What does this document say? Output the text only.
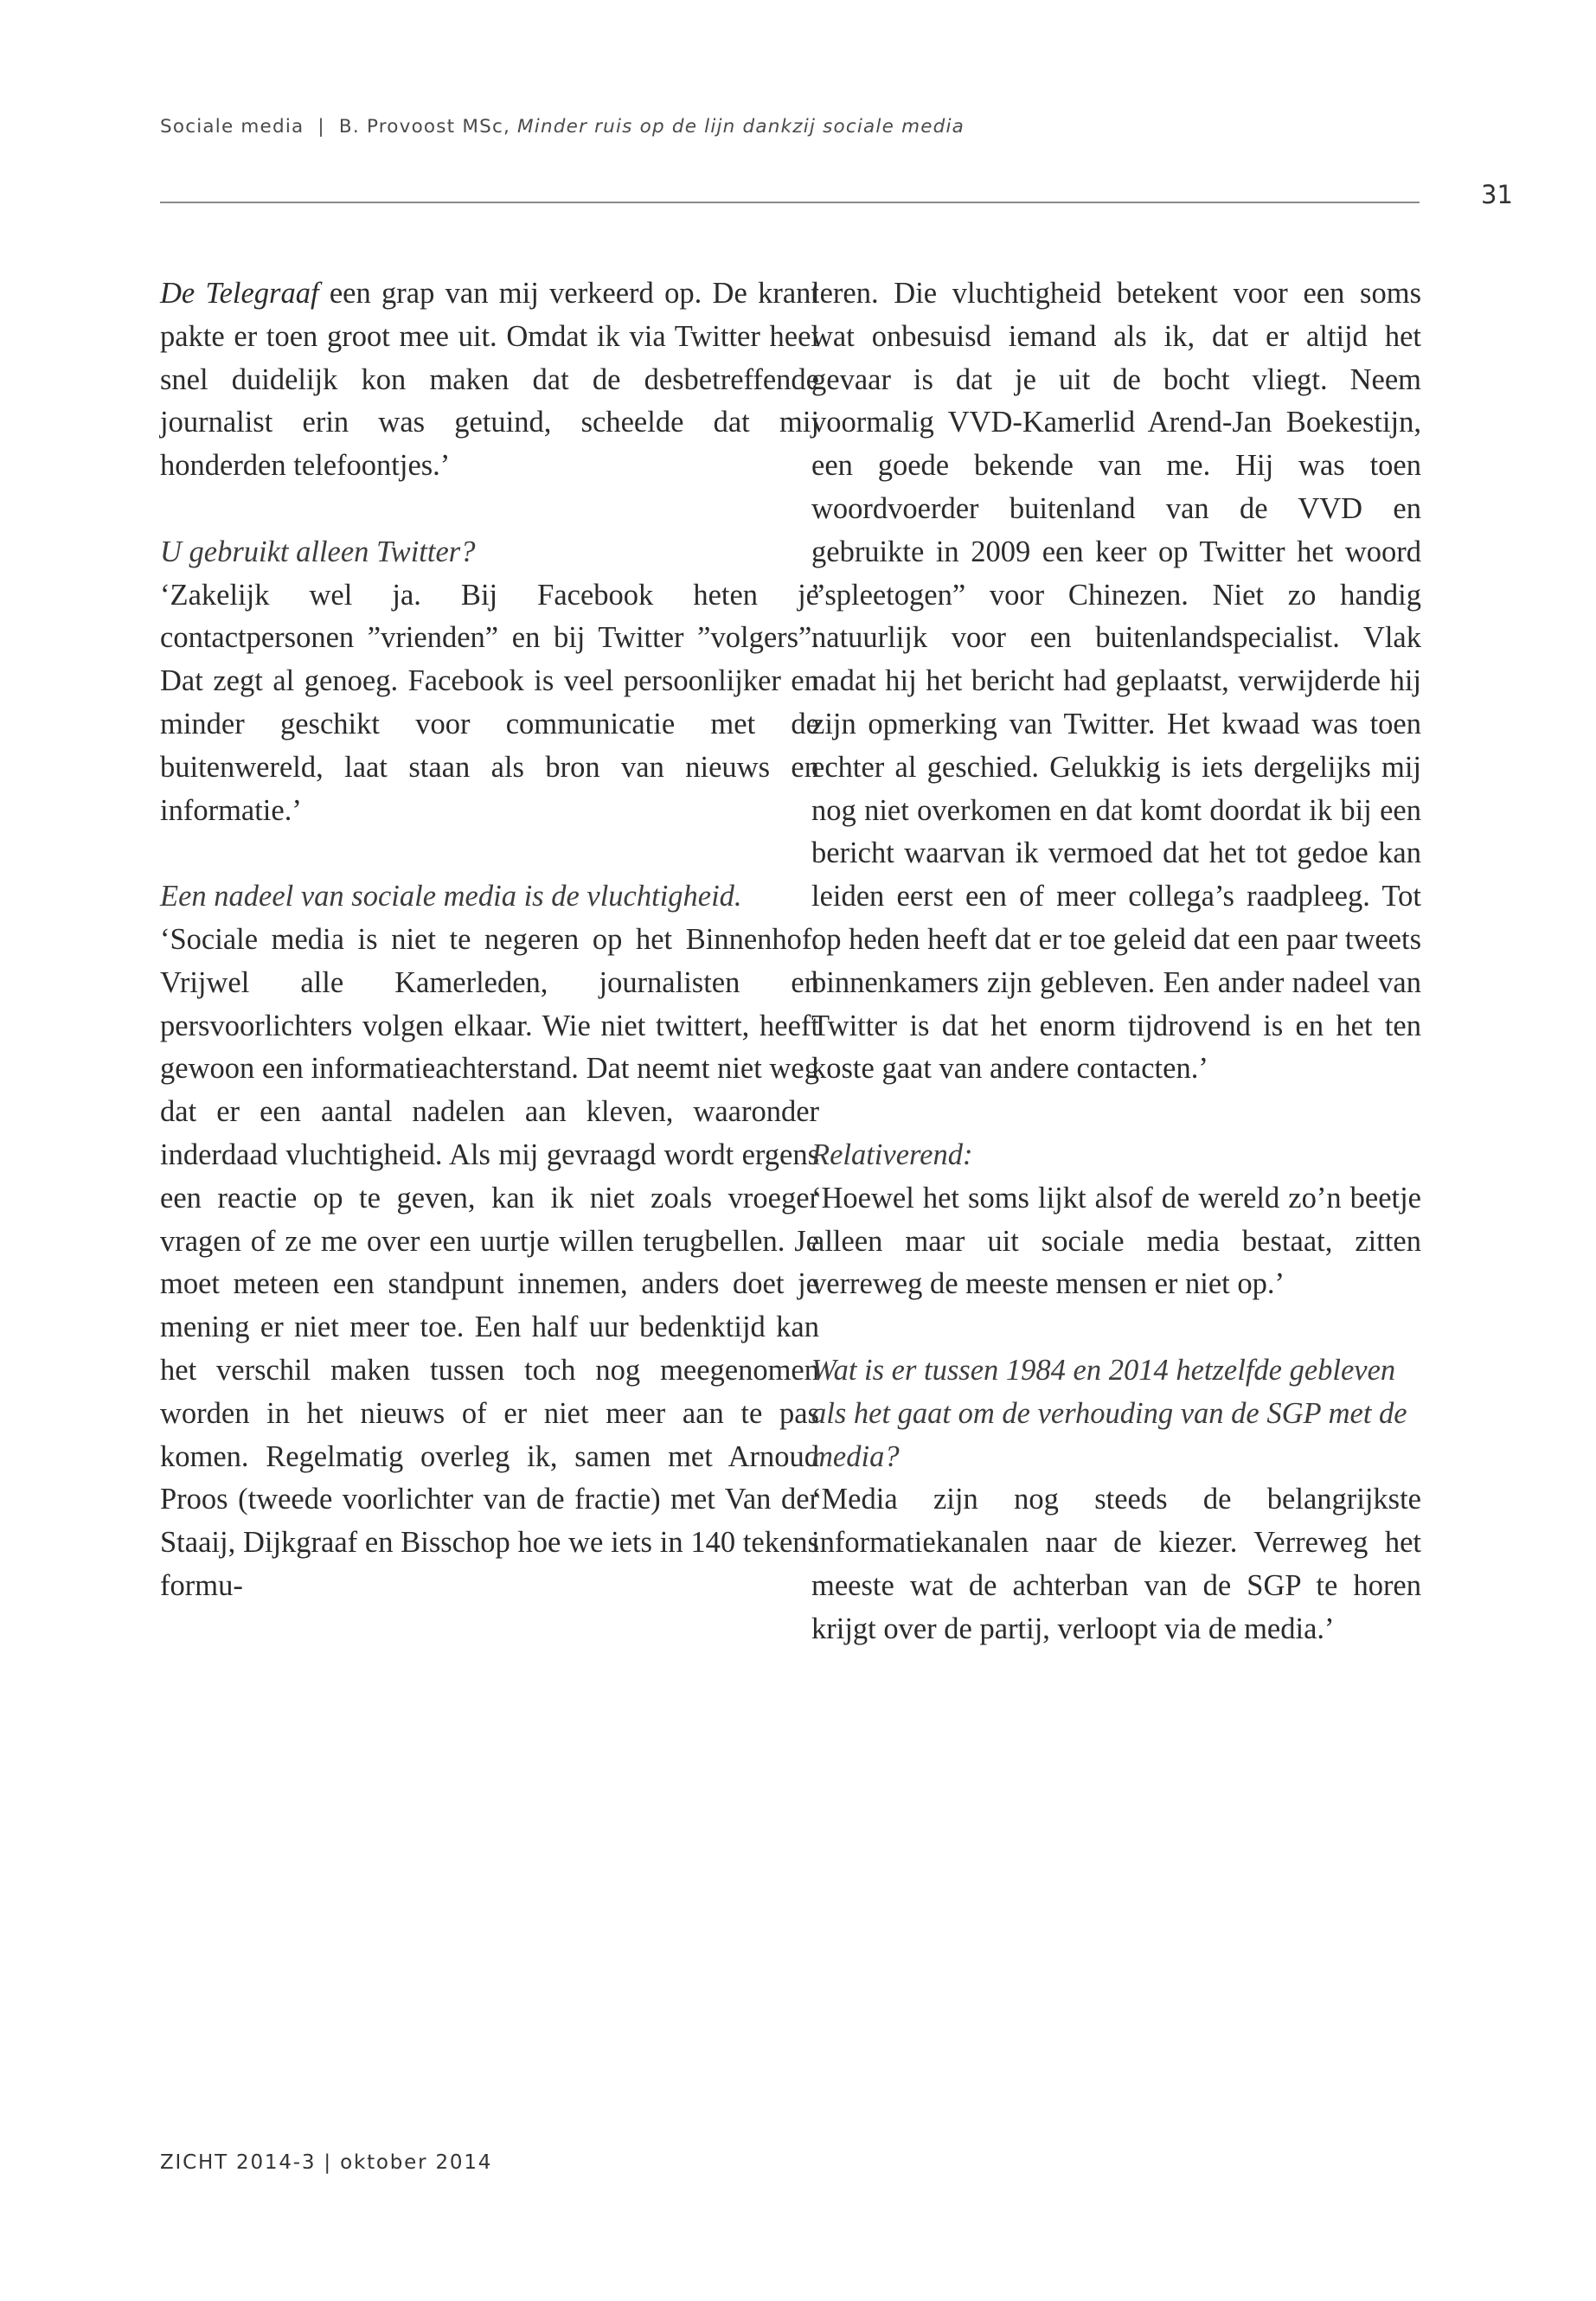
Sociale media | B. Provoost MSc, Minder ruis op de lijn dankzij sociale media
31

De Telegraaf een grap van mij verkeerd op. De krant pakte er toen groot mee uit. Omdat ik via Twitter heel snel duidelijk kon maken dat de desbetreffende journalist erin was getuind, scheelde dat mij honderden telefoontjes.’

U gebruikt alleen Twitter?

‘Zakelijk wel ja. Bij Facebook heten je contactpersonen ”vrienden” en bij Twitter ”volgers”. Dat zegt al genoeg. Facebook is veel persoonlijker en minder geschikt voor communicatie met de buitenwereld, laat staan als bron van nieuws en informatie.’

Een nadeel van sociale media is de vluchtigheid.

‘Sociale media is niet te negeren op het Binnenhof. Vrijwel alle Kamerleden, journalisten en persvoorlichters volgen elkaar. Wie niet twittert, heeft gewoon een informatieachterstand. Dat neemt niet weg dat er een aantal nadelen aan kleven, waaronder inderdaad vluchtigheid. Als mij gevraagd wordt ergens een reactie op te geven, kan ik niet zoals vroeger vragen of ze me over een uurtje willen terugbellen. Je moet meteen een standpunt innemen, anders doet je mening er niet meer toe. Een half uur bedenktijd kan het verschil maken tussen toch nog meegenomen worden in het nieuws of er niet meer aan te pas komen. Regelmatig overleg ik, samen met Arnoud Proos (tweede voorlichter van de fractie) met Van der Staaij, Dijkgraaf en Bisschop hoe we iets in 140 tekens formu-

leren. Die vluchtigheid betekent voor een soms wat onbesuisd iemand als ik, dat er altijd het gevaar is dat je uit de bocht vliegt. Neem voormalig VVD-Kamerlid Arend-Jan Boekestijn, een goede bekende van me. Hij was toen woordvoerder buitenland van de VVD en gebruikte in 2009 een keer op Twitter het woord ”spleetogen” voor Chinezen. Niet zo handig natuurlijk voor een buitenlandspecialist. Vlak nadat hij het bericht had geplaatst, verwijderde hij zijn opmerking van Twitter. Het kwaad was toen echter al geschied. Gelukkig is iets dergelijks mij nog niet overkomen en dat komt doordat ik bij een bericht waarvan ik vermoed dat het tot gedoe kan leiden eerst een of meer collega’s raadpleeg. Tot op heden heeft dat er toe geleid dat een paar tweets binnenkamers zijn gebleven. Een ander nadeel van Twitter is dat het enorm tijdrovend is en het ten koste gaat van andere contacten.’

Relativerend:

‘Hoewel het soms lijkt alsof de wereld zo’n beetje alleen maar uit sociale media bestaat, zitten verreweg de meeste mensen er niet op.’

Wat is er tussen 1984 en 2014 hetzelfde gebleven als het gaat om de verhouding van de SGP met de media?

‘Media zijn nog steeds de belangrijkste informatiekanalen naar de kiezer. Verreweg het meeste wat de achterban van de SGP te horen krijgt over de partij, verloopt via de media.’

ZICHT 2014-3 | oktober 2014
